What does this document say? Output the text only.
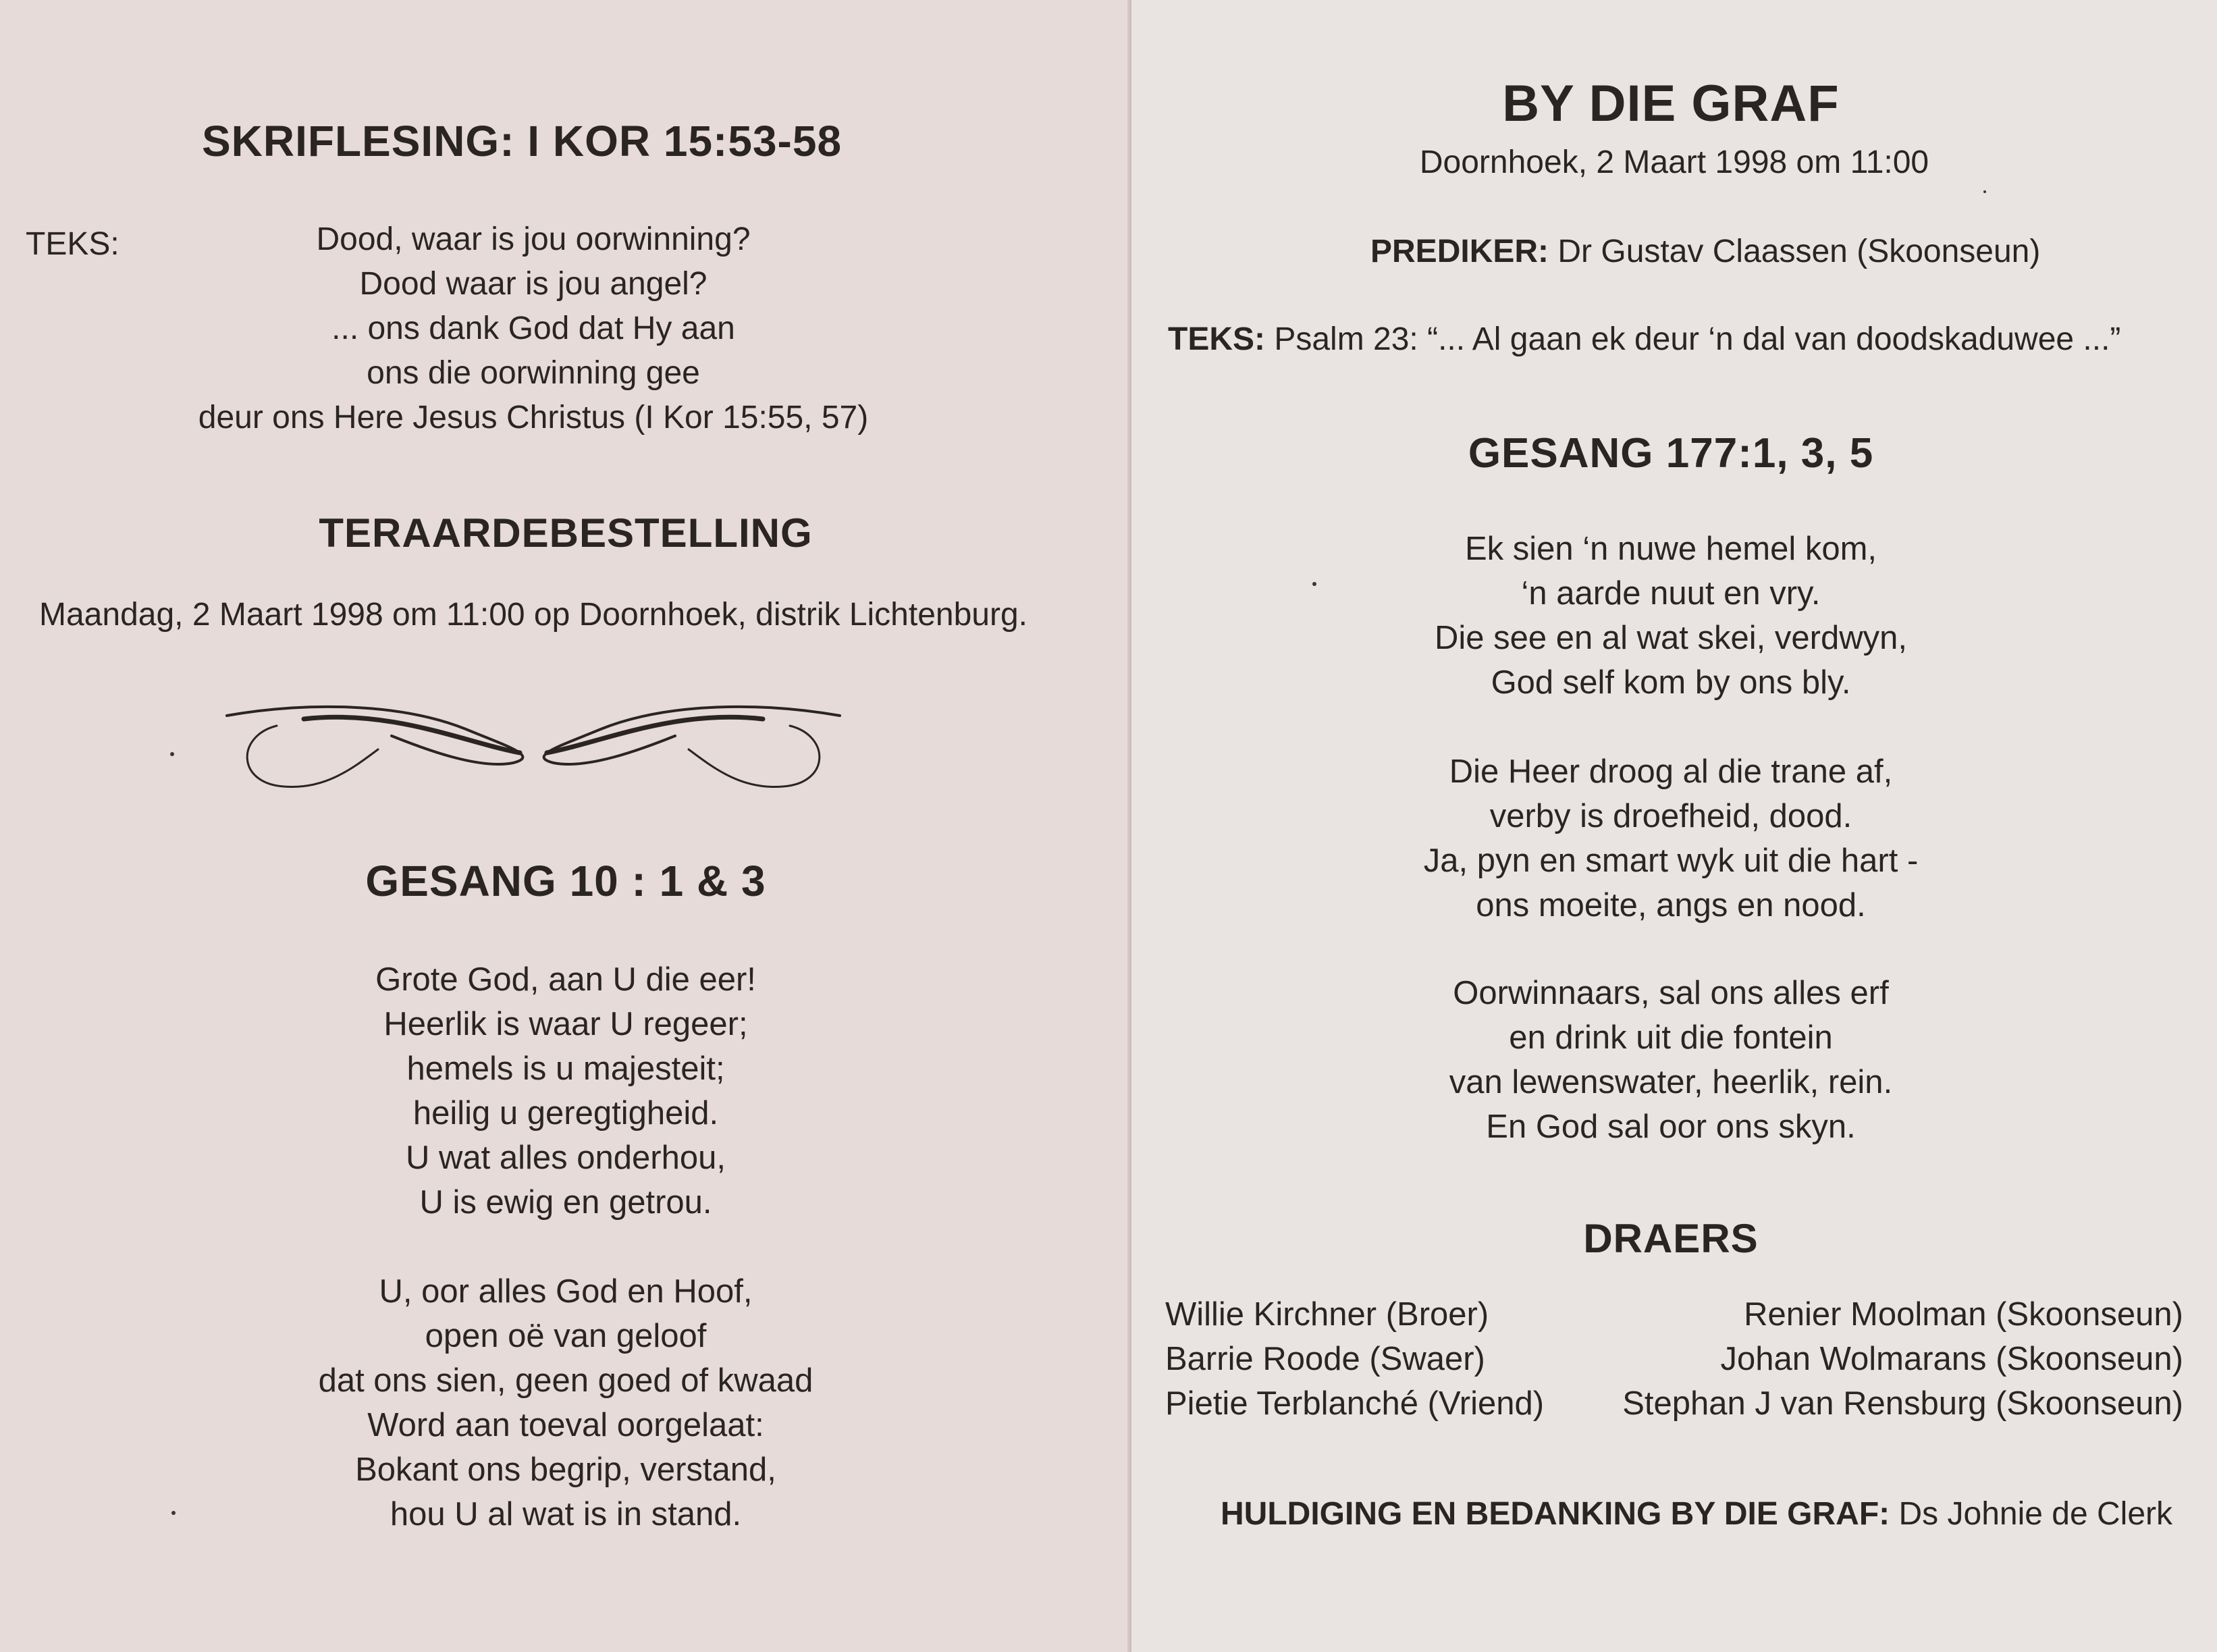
SKRIFLESING: I KOR 15:53-58
TEKS:	Dood, waar is jou oorwinning?
Dood waar is jou angel?
... ons dank God dat Hy aan
ons die oorwinning gee
deur ons Here Jesus Christus (I Kor 15:55, 57)
TERAARDEBESTELLING
Maandag, 2 Maart 1998 om 11:00 op Doornhoek, distrik Lichtenburg.
GESANG 10 : 1 & 3
Grote God, aan U die eer!
Heerlik is waar U regeer;
hemels is u majesteit;
heilig u geregtigheid.
U wat alles onderhou,
U is ewig en getrou.
U, oor alles God en Hoof,
open oë van geloof
dat ons sien, geen goed of kwaad
Word aan toeval oorgelaat:
Bokant ons begrip, verstand,
hou U al wat is in stand.
BY DIE GRAF
Doornhoek, 2 Maart 1998 om 11:00
PREDIKER: Dr Gustav Claassen (Skoonseun)
TEKS: Psalm 23: “... Al gaan ek deur ‘n dal van doodskaduwee ...”
GESANG 177:1, 3, 5
Ek sien ‘n nuwe hemel kom,
‘n aarde nuut en vry.
Die see en al wat skei, verdwyn,
God self kom by ons bly.
Die Heer droog al die trane af,
verby is droefheid, dood.
Ja, pyn en smart wyk uit die hart -
ons moeite, angs en nood.
Oorwinnaars, sal ons alles erf
en drink uit die fontein
van lewenswater, heerlik, rein.
En God sal oor ons skyn.
DRAERS
Willie Kirchner (Broer)
Barrie Roode (Swaer)
Pietie Terblanché (Vriend)
Renier Moolman (Skoonseun)
Johan Wolmarans (Skoonseun)
Stephan J van Rensburg (Skoonseun)
HULDIGING EN BEDANKING BY DIE GRAF: Ds Johnie de Clerk
